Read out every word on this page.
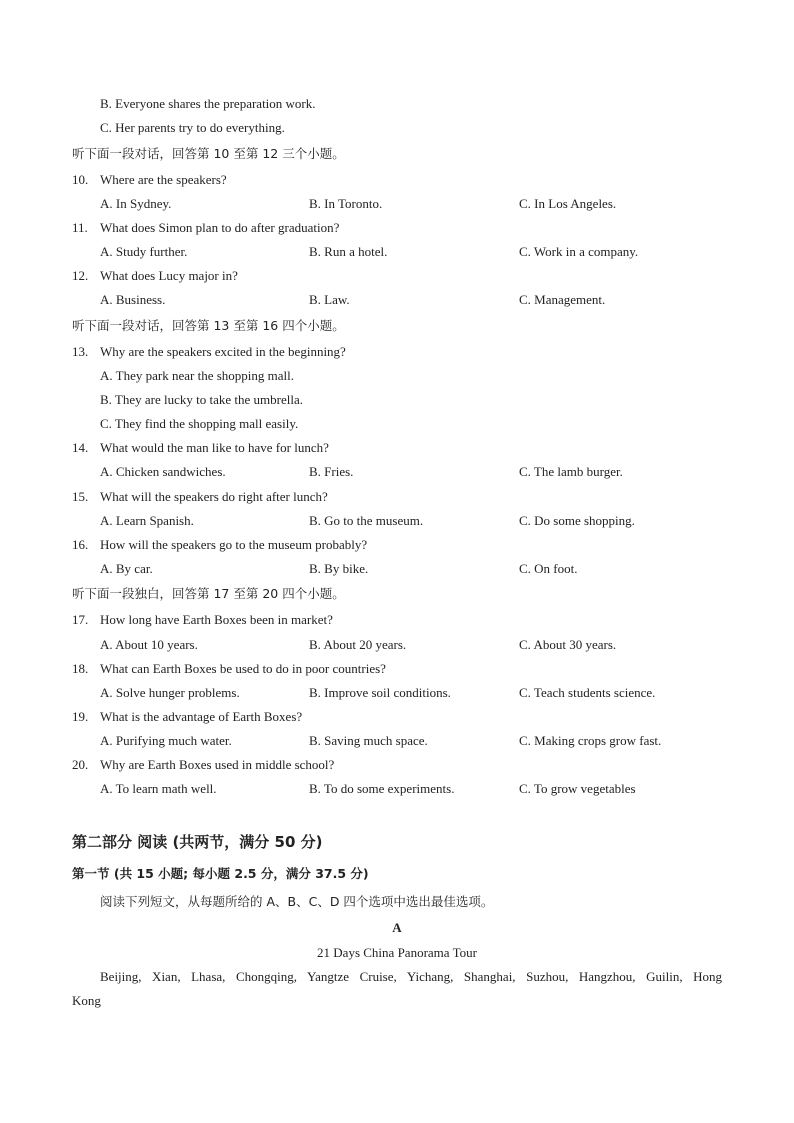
B. Everyone shares the preparation work.
C. Her parents try to do everything.
听下面一段对话，回答第 10 至第 12 三个小题。
10. Where are the speakers?
A. In Sydney.	B. In Toronto.	C. In Los Angeles.
11. What does Simon plan to do after graduation?
A. Study further.	B. Run a hotel.	C. Work in a company.
12. What does Lucy major in?
A. Business.	B. Law.	C. Management.
听下面一段对话，回答第 13 至第 16 四个小题。
13. Why are the speakers excited in the beginning?
A. They park near the shopping mall.
B. They are lucky to take the umbrella.
C. They find the shopping mall easily.
14. What would the man like to have for lunch?
A. Chicken sandwiches.	B. Fries.	C. The lamb burger.
15. What will the speakers do right after lunch?
A. Learn Spanish.	B. Go to the museum.	C. Do some shopping.
16. How will the speakers go to the museum probably?
A. By car.	B. By bike.	C. On foot.
听下面一段独白，回答第 17 至第 20 四个小题。
17. How long have Earth Boxes been in market?
A. About 10 years.	B. About 20 years.	C. About 30 years.
18. What can Earth Boxes be used to do in poor countries?
A. Solve hunger problems.	B. Improve soil conditions.	C. Teach students science.
19. What is the advantage of Earth Boxes?
A. Purifying much water.	B. Saving much space.	C. Making crops grow fast.
20. Why are Earth Boxes used in middle school?
A. To learn math well.	B. To do some experiments.	C. To grow vegetables
第二部分 阅读 (共两节，满分 50 分)
第一节 (共 15 小题; 每小题 2.5 分，满分 37.5 分)
阅读下列短文，从每题所给的 A、B、C、D 四个选项中选出最佳选项。
A
21 Days China Panorama Tour
Beijing, Xian, Lhasa, Chongqing, Yangtze Cruise, Yichang, Shanghai, Suzhou, Hangzhou, Guilin, Hong
Kong
